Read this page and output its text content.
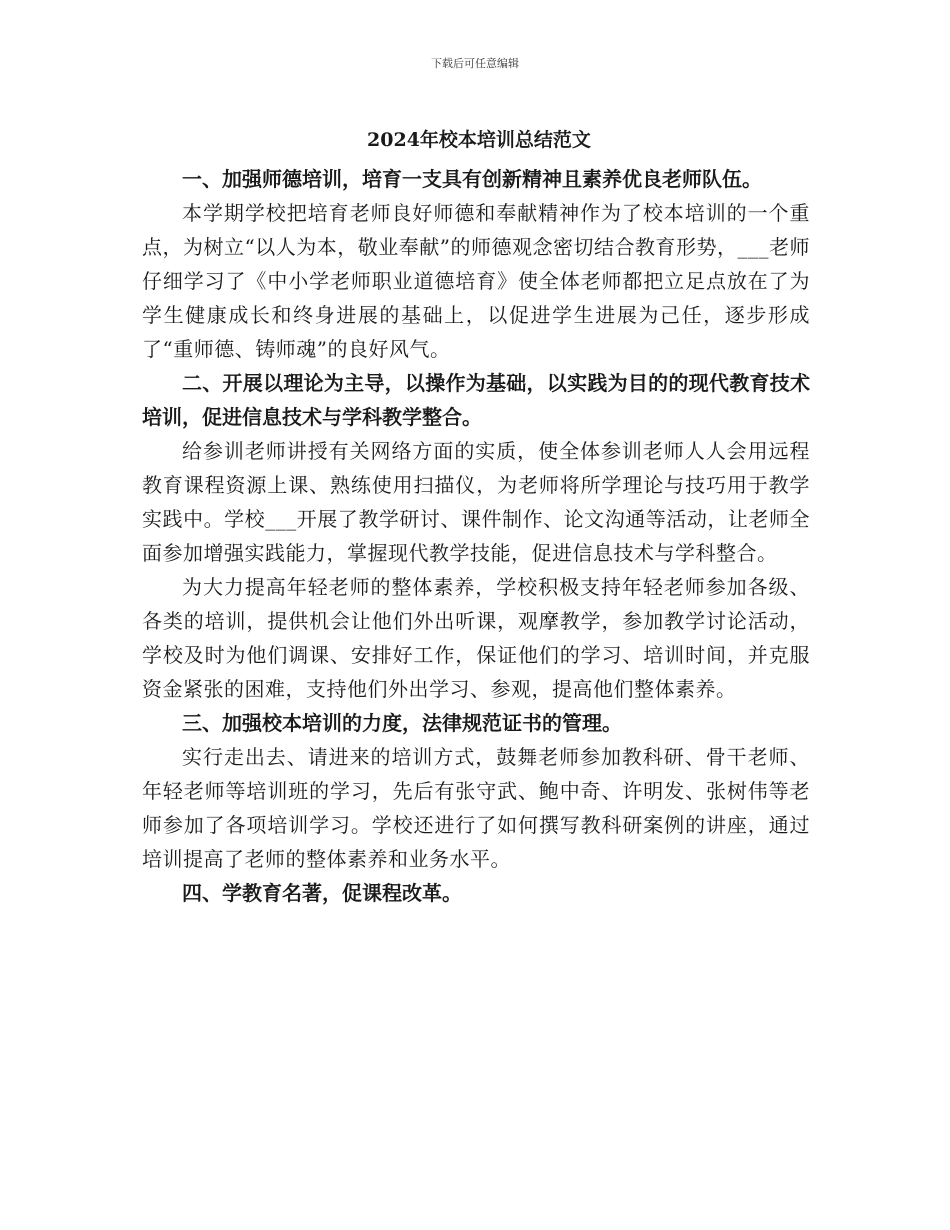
下载后可任意编辑
2024年校本培训总结范文
一、加强师德培训，培育一支具有创新精神且素养优良老师队伍。

本学期学校把培育老师良好师德和奉献精神作为了校本培训的一个重点，为树立“以人为本，敬业奉献”的师德观念密切结合教育形势，___老师仔细学习了《中小学老师职业道德培育》使全体老师都把立足点放在了为学生健康成长和终身进展的基础上，以促进学生进展为己任，逐步形成了“重师德、铸师魂”的良好风气。

二、开展以理论为主导，以操作为基础，以实践为目的的现代教育技术培训，促进信息技术与学科教学整合。

给参训老师讲授有关网络方面的实质，使全体参训老师人人会用远程教育课程资源上课、熟练使用扫描仪，为老师将所学理论与技巧用于教学实践中。学校___开展了教学研讨、课件制作、论文沟通等活动，让老师全面参加增强实践能力，掌握现代教学技能，促进信息技术与学科整合。

为大力提高年轻老师的整体素养，学校积极支持年轻老师参加各级、各类的培训，提供机会让他们外出听课，观摩教学，参加教学讨论活动，学校及时为他们调课、安排好工作，保证他们的学习、培训时间，并克服资金紧张的困难，支持他们外出学习、参观，提高他们整体素养。

三、加强校本培训的力度，法律规范证书的管理。

实行走出去、请进来的培训方式，鼓舞老师参加教科研、骨干老师、年轻老师等培训班的学习，先后有张守武、鲍中奇、许明发、张树伟等老师参加了各项培训学习。学校还进行了如何撰写教科研案例的讲座，通过培训提高了老师的整体素养和业务水平。

四、学教育名著，促课程改革。
